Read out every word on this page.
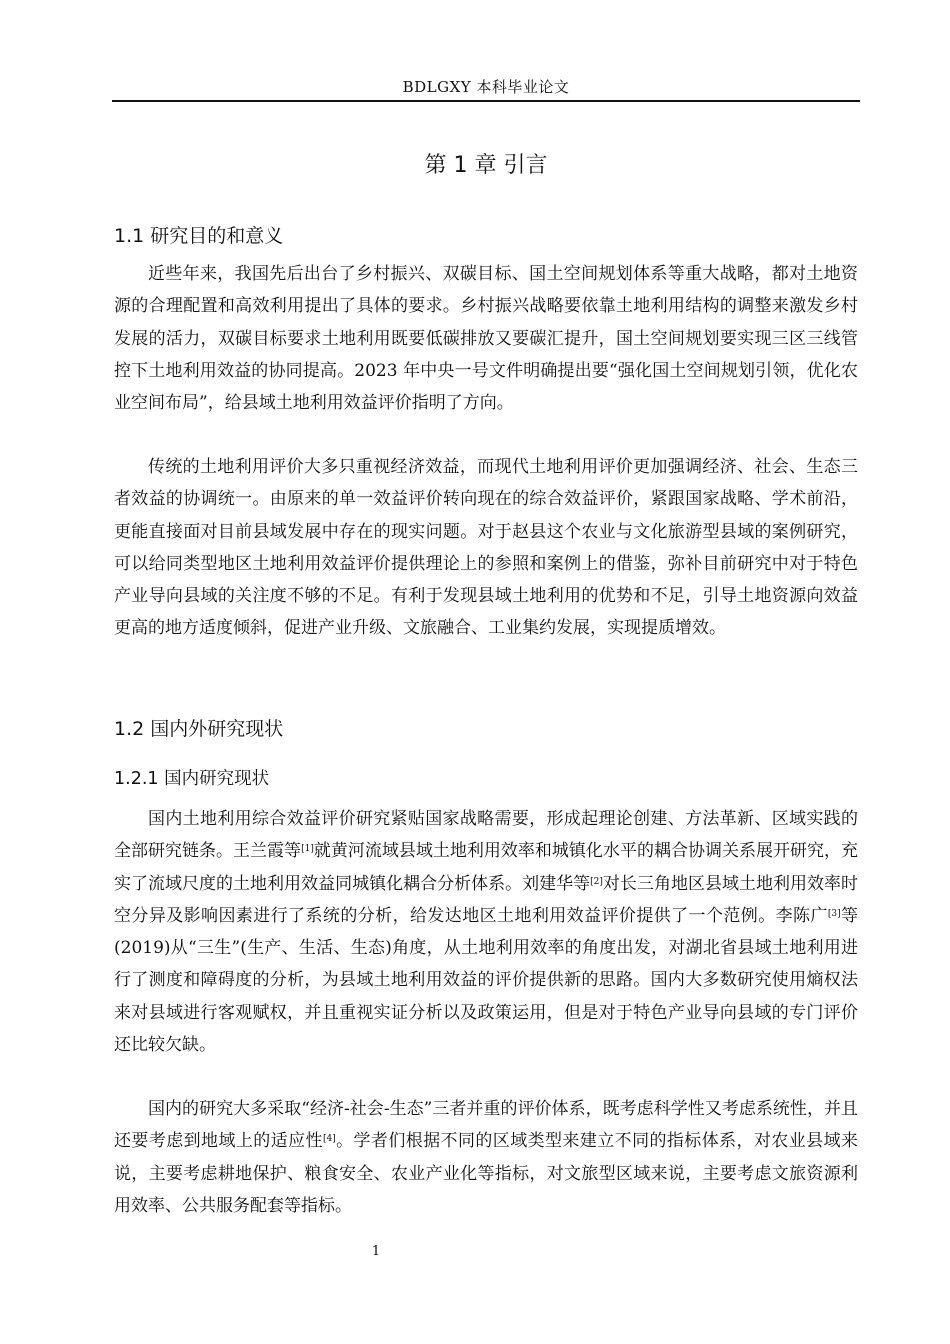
BDLGXY 本科毕业论文
第 1 章 引言
1.1 研究目的和意义

近些年来，我国先后出台了乡村振兴、双碳目标、国土空间规划体系等重大战略，都对土地资源的合理配置和高效利用提出了具体的要求。乡村振兴战略要依靠土地利用结构的调整来激发乡村发展的活力，双碳目标要求土地利用既要低碳排放又要碳汇提升，国土空间规划要实现三区三线管控下土地利用效益的协同提高。2023 年中央一号文件明确提出要“强化国土空间规划引领，优化农业空间布局”，给县域土地利用效益评价指明了方向。

传统的土地利用评价大多只重视经济效益，而现代土地利用评价更加强调经济、社会、生态三者效益的协调统一。由原来的单一效益评价转向现在的综合效益评价，紧跟国家战略、学术前沿，更能直接面对目前县域发展中存在的现实问题。对于赵县这个农业与文化旅游型县域的案例研究，可以给同类型地区土地利用效益评价提供理论上的参照和案例上的借鉴，弥补目前研究中对于特色产业导向县域的关注度不够的不足。有利于发现县域土地利用的优势和不足，引导土地资源向效益更高的地方适度倾斜，促进产业升级、文旅融合、工业集约发展，实现提质增效。

1.2 国内外研究现状
1.2.1 国内研究现状

国内土地利用综合效益评价研究紧贴国家战略需要，形成起理论创建、方法革新、区域实践的全部研究链条。王兰霞等[1]就黄河流域县域土地利用效率和城镇化水平的耦合协调关系展开研究，充实了流域尺度的土地利用效益同城镇化耦合分析体系。刘建华等[2]对长三角地区县域土地利用效率时空分异及影响因素进行了系统的分析，给发达地区土地利用效益评价提供了一个范例。李陈广[3]等(2019)从“三生”(生产、生活、生态)角度，从土地利用效率的角度出发，对湖北省县域土地利用进行了测度和障碍度的分析，为县域土地利用效益的评价提供新的思路。国内大多数研究使用熵权法来对县域进行客观赋权，并且重视实证分析以及政策运用，但是对于特色产业导向县域的专门评价还比较欠缺。

国内的研究大多采取“经济-社会-生态”三者并重的评价体系，既考虑科学性又考虑系统性，并且还要考虑到地域上的适应性[4]。学者们根据不同的区域类型来建立不同的指标体系，对农业县域来说，主要考虑耕地保护、粮食安全、农业产业化等指标，对文旅型区域来说，主要考虑文旅资源利用效率、公共服务配套等指标。

1
